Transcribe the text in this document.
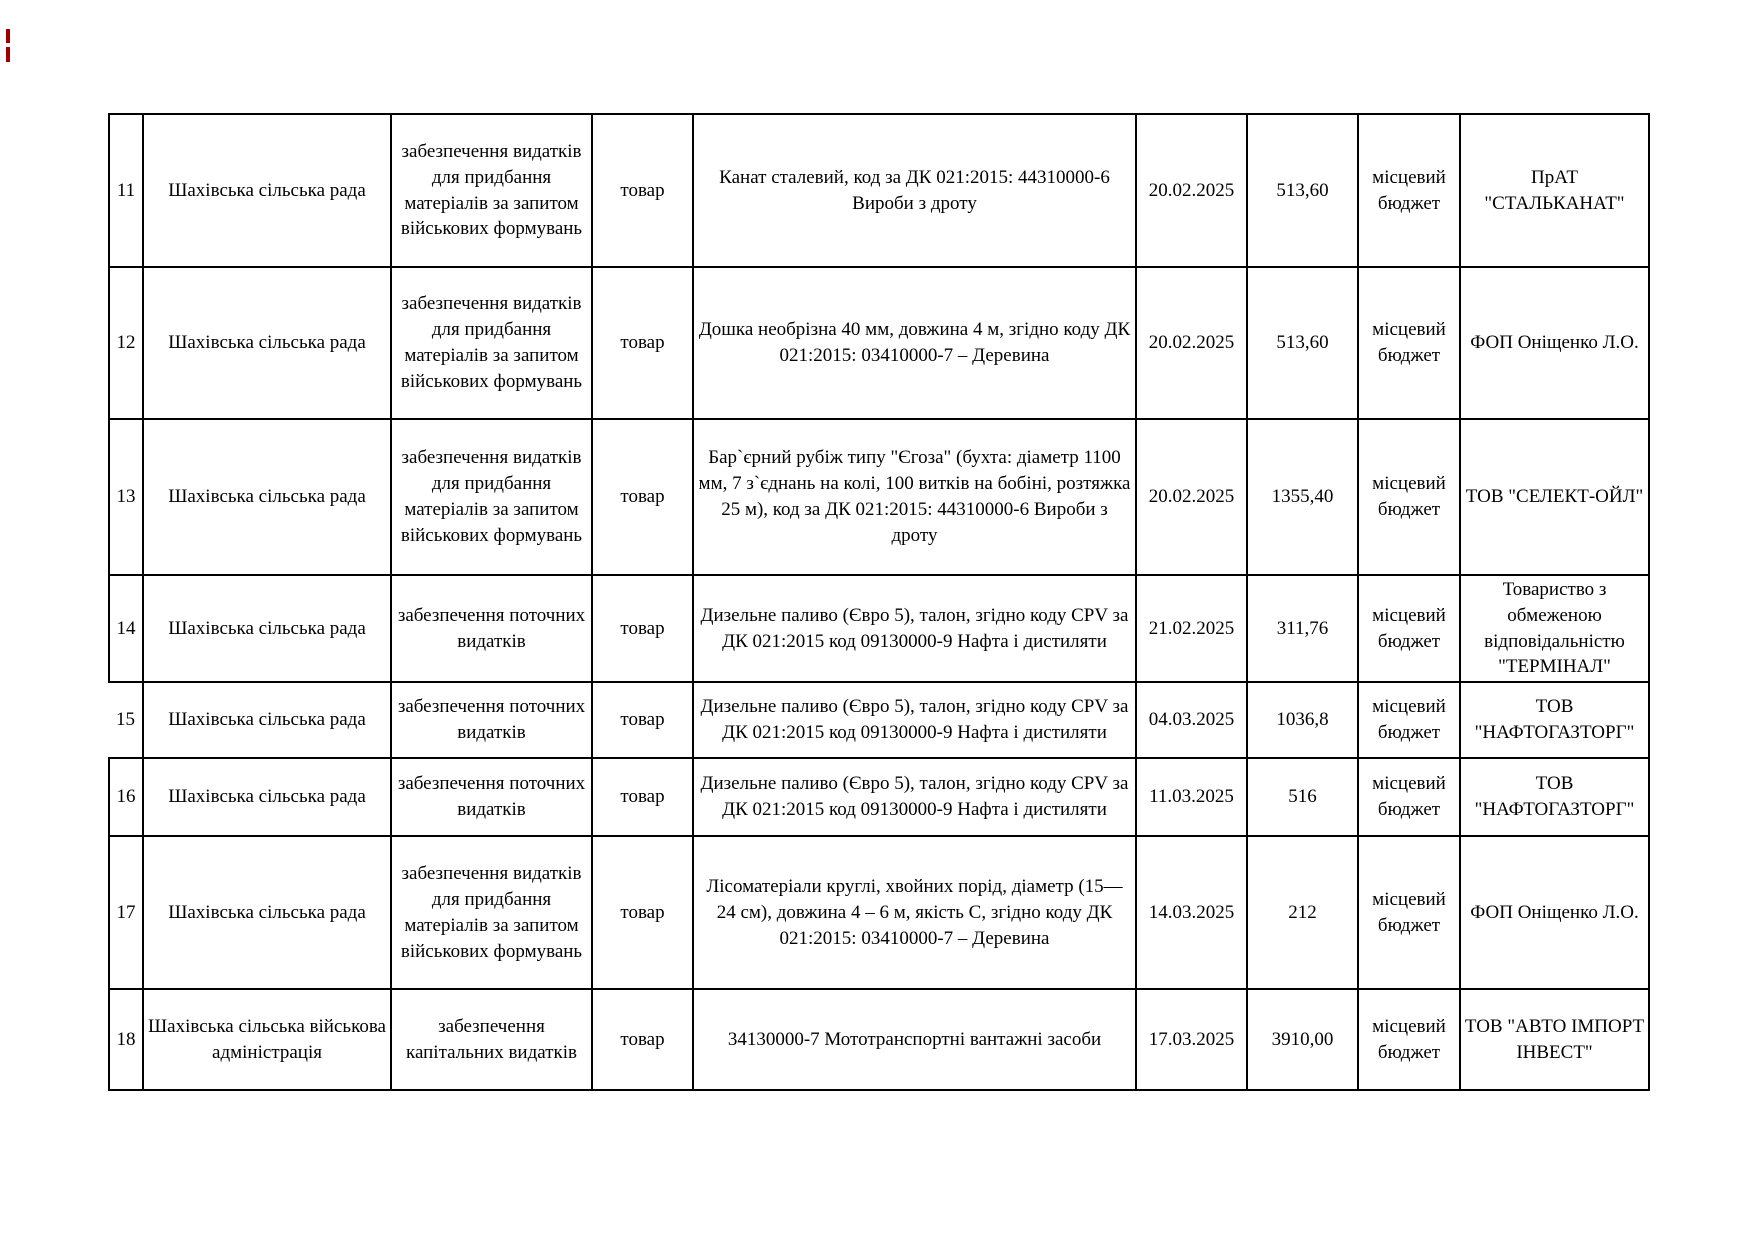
11	Шахівська сільська рада	забезпечення видатків для придбання матеріалів за запитом військових формувань	товар	Канат сталевий, код за ДК 021:2015: 44310000-6 Вироби з дроту	20.02.2025	513,60	місцевий бюджет	ПрАТ "СТАЛЬКАНАТ"
12	Шахівська сільська рада	забезпечення видатків для придбання матеріалів за запитом військових формувань	товар	Дошка необрізна 40 мм, довжина 4 м, згідно коду ДК 021:2015: 03410000-7 – Деревина	20.02.2025	513,60	місцевий бюджет	ФОП Оніщенко Л.О.
13	Шахівська сільська рада	забезпечення видатків для придбання матеріалів за запитом військових формувань	товар	Бар`єрний рубіж типу "Єгоза" (бухта: діаметр 1100 мм, 7 з`єднань на колі, 100 витків на бобіні, розтяжка 25 м), код за ДК 021:2015: 44310000-6 Вироби з дроту	20.02.2025	1355,40	місцевий бюджет	ТОВ "СЕЛЕКТ-ОЙЛ"
14	Шахівська сільська рада	забезпечення поточних видатків	товар	Дизельне паливо (Євро 5), талон, згідно коду CPV за ДК 021:2015 код 09130000-9 Нафта і дистиляти	21.02.2025	311,76	місцевий бюджет	Товариство з обмеженою відповідальністю "ТЕРМІНАЛ"
15	Шахівська сільська рада	забезпечення поточних видатків	товар	Дизельне паливо (Євро 5), талон, згідно коду CPV за ДК 021:2015 код 09130000-9 Нафта і дистиляти	04.03.2025	1036,8	місцевий бюджет	ТОВ "НАФТОГАЗТОРГ"
16	Шахівська сільська рада	забезпечення поточних видатків	товар	Дизельне паливо (Євро 5), талон, згідно коду CPV за ДК 021:2015 код 09130000-9 Нафта і дистиляти	11.03.2025	516	місцевий бюджет	ТОВ "НАФТОГАЗТОРГ"
17	Шахівська сільська рада	забезпечення видатків для придбання матеріалів за запитом військових формувань	товар	Лісоматеріали круглі, хвойних порід, діаметр (15—24 см), довжина 4 – 6 м, якість С, згідно коду ДК 021:2015: 03410000-7 – Деревина	14.03.2025	212	місцевий бюджет	ФОП Оніщенко Л.О.
18	Шахівська сільська військова адміністрація	забезпечення капітальних видатків	товар	34130000-7 Мототранспортні вантажні засоби	17.03.2025	3910,00	місцевий бюджет	ТОВ "АВТО ІМПОРТ ІНВЕСТ"
